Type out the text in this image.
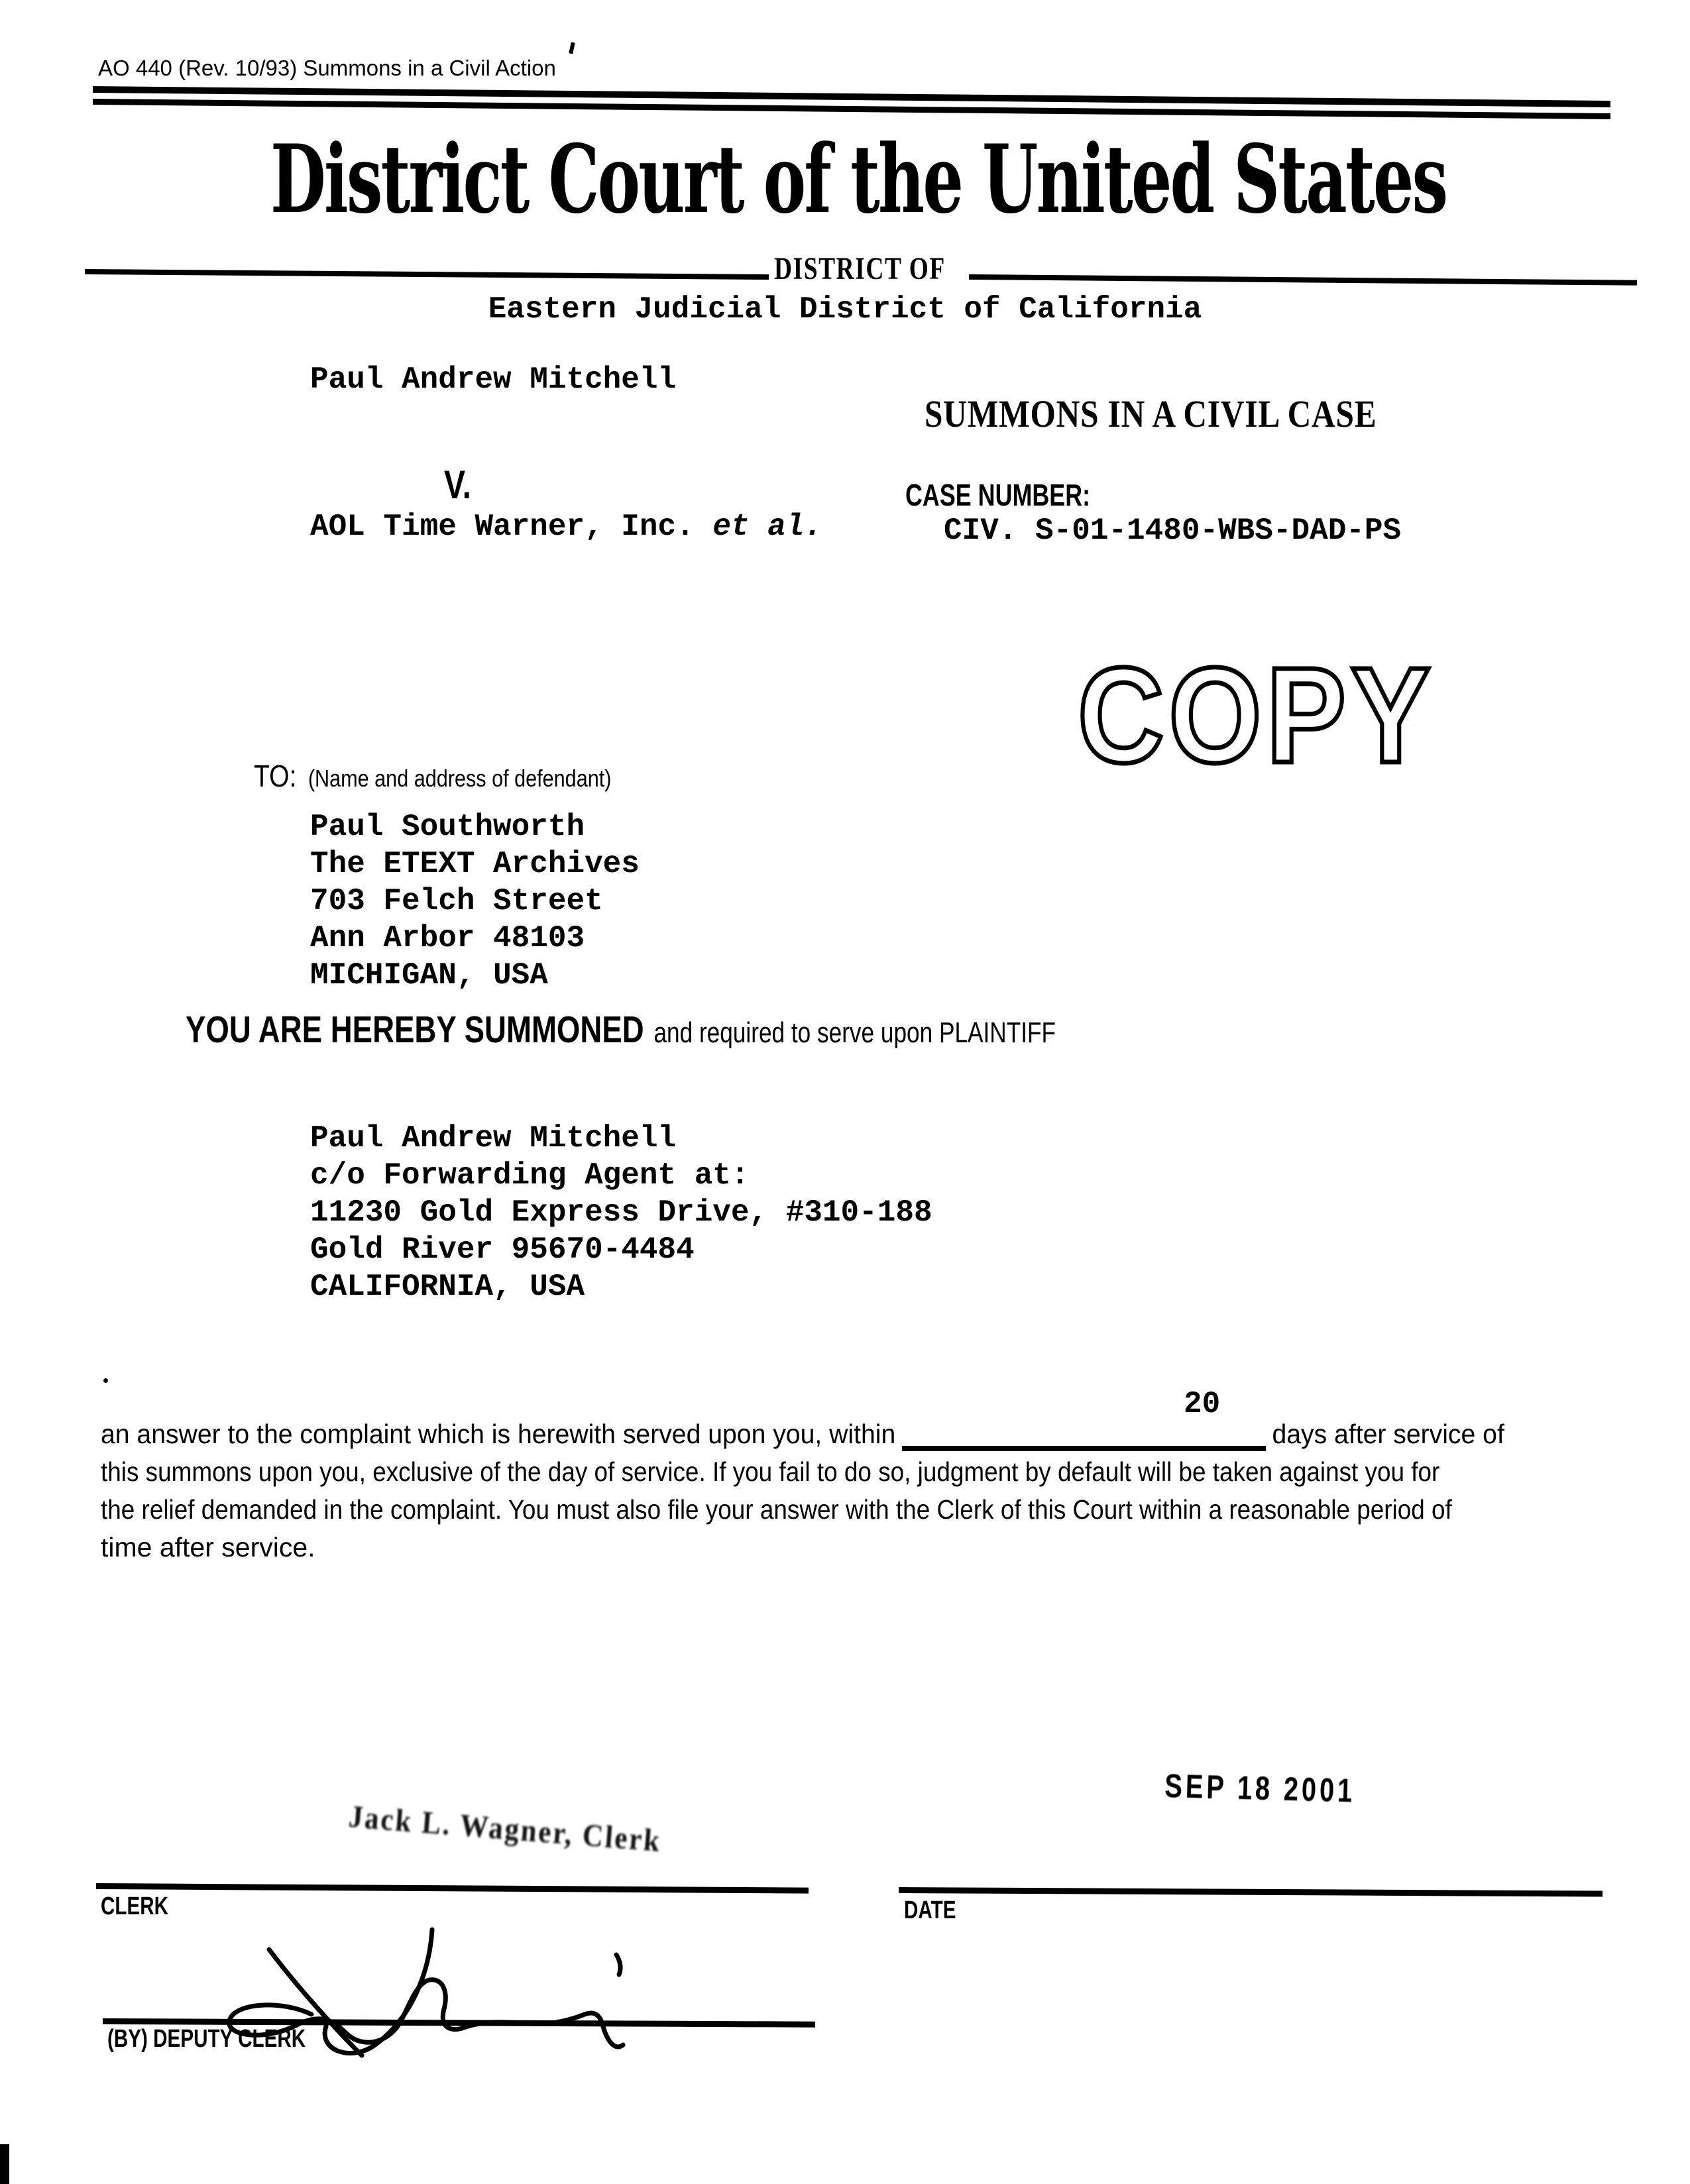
AO 440 (Rev. 10/93) Summons in a Civil Action
District Court of the United States
DISTRICT OF
Eastern Judicial District of California
Paul Andrew Mitchell
SUMMONS IN A CIVIL CASE
V.	CASE NUMBER:
AOL Time Warner, Inc. et al.	CIV. S-01-1480-WBS-DAD-PS
COPY
TO: (Name and address of defendant)
Paul Southworth
The ETEXT Archives
703 Felch Street
Ann Arbor 48103
MICHIGAN, USA
YOU ARE HEREBY SUMMONED and required to serve upon PLAINTIFF
Paul Andrew Mitchell
c/o Forwarding Agent at:
11230 Gold Express Drive, #310-188
Gold River 95670-4484
CALIFORNIA, USA
20
an answer to the complaint which is herewith served upon you, within	days after service of
this summons upon you, exclusive of the day of service. If you fail to do so, judgment by default will be taken against you for
the relief demanded in the complaint. You must also file your answer with the Clerk of this Court within a reasonable period of
time after service.
Jack L. Wagner, Clerk
SEP 18 2001
CLERK	DATE
(BY) DEPUTY CLERK
